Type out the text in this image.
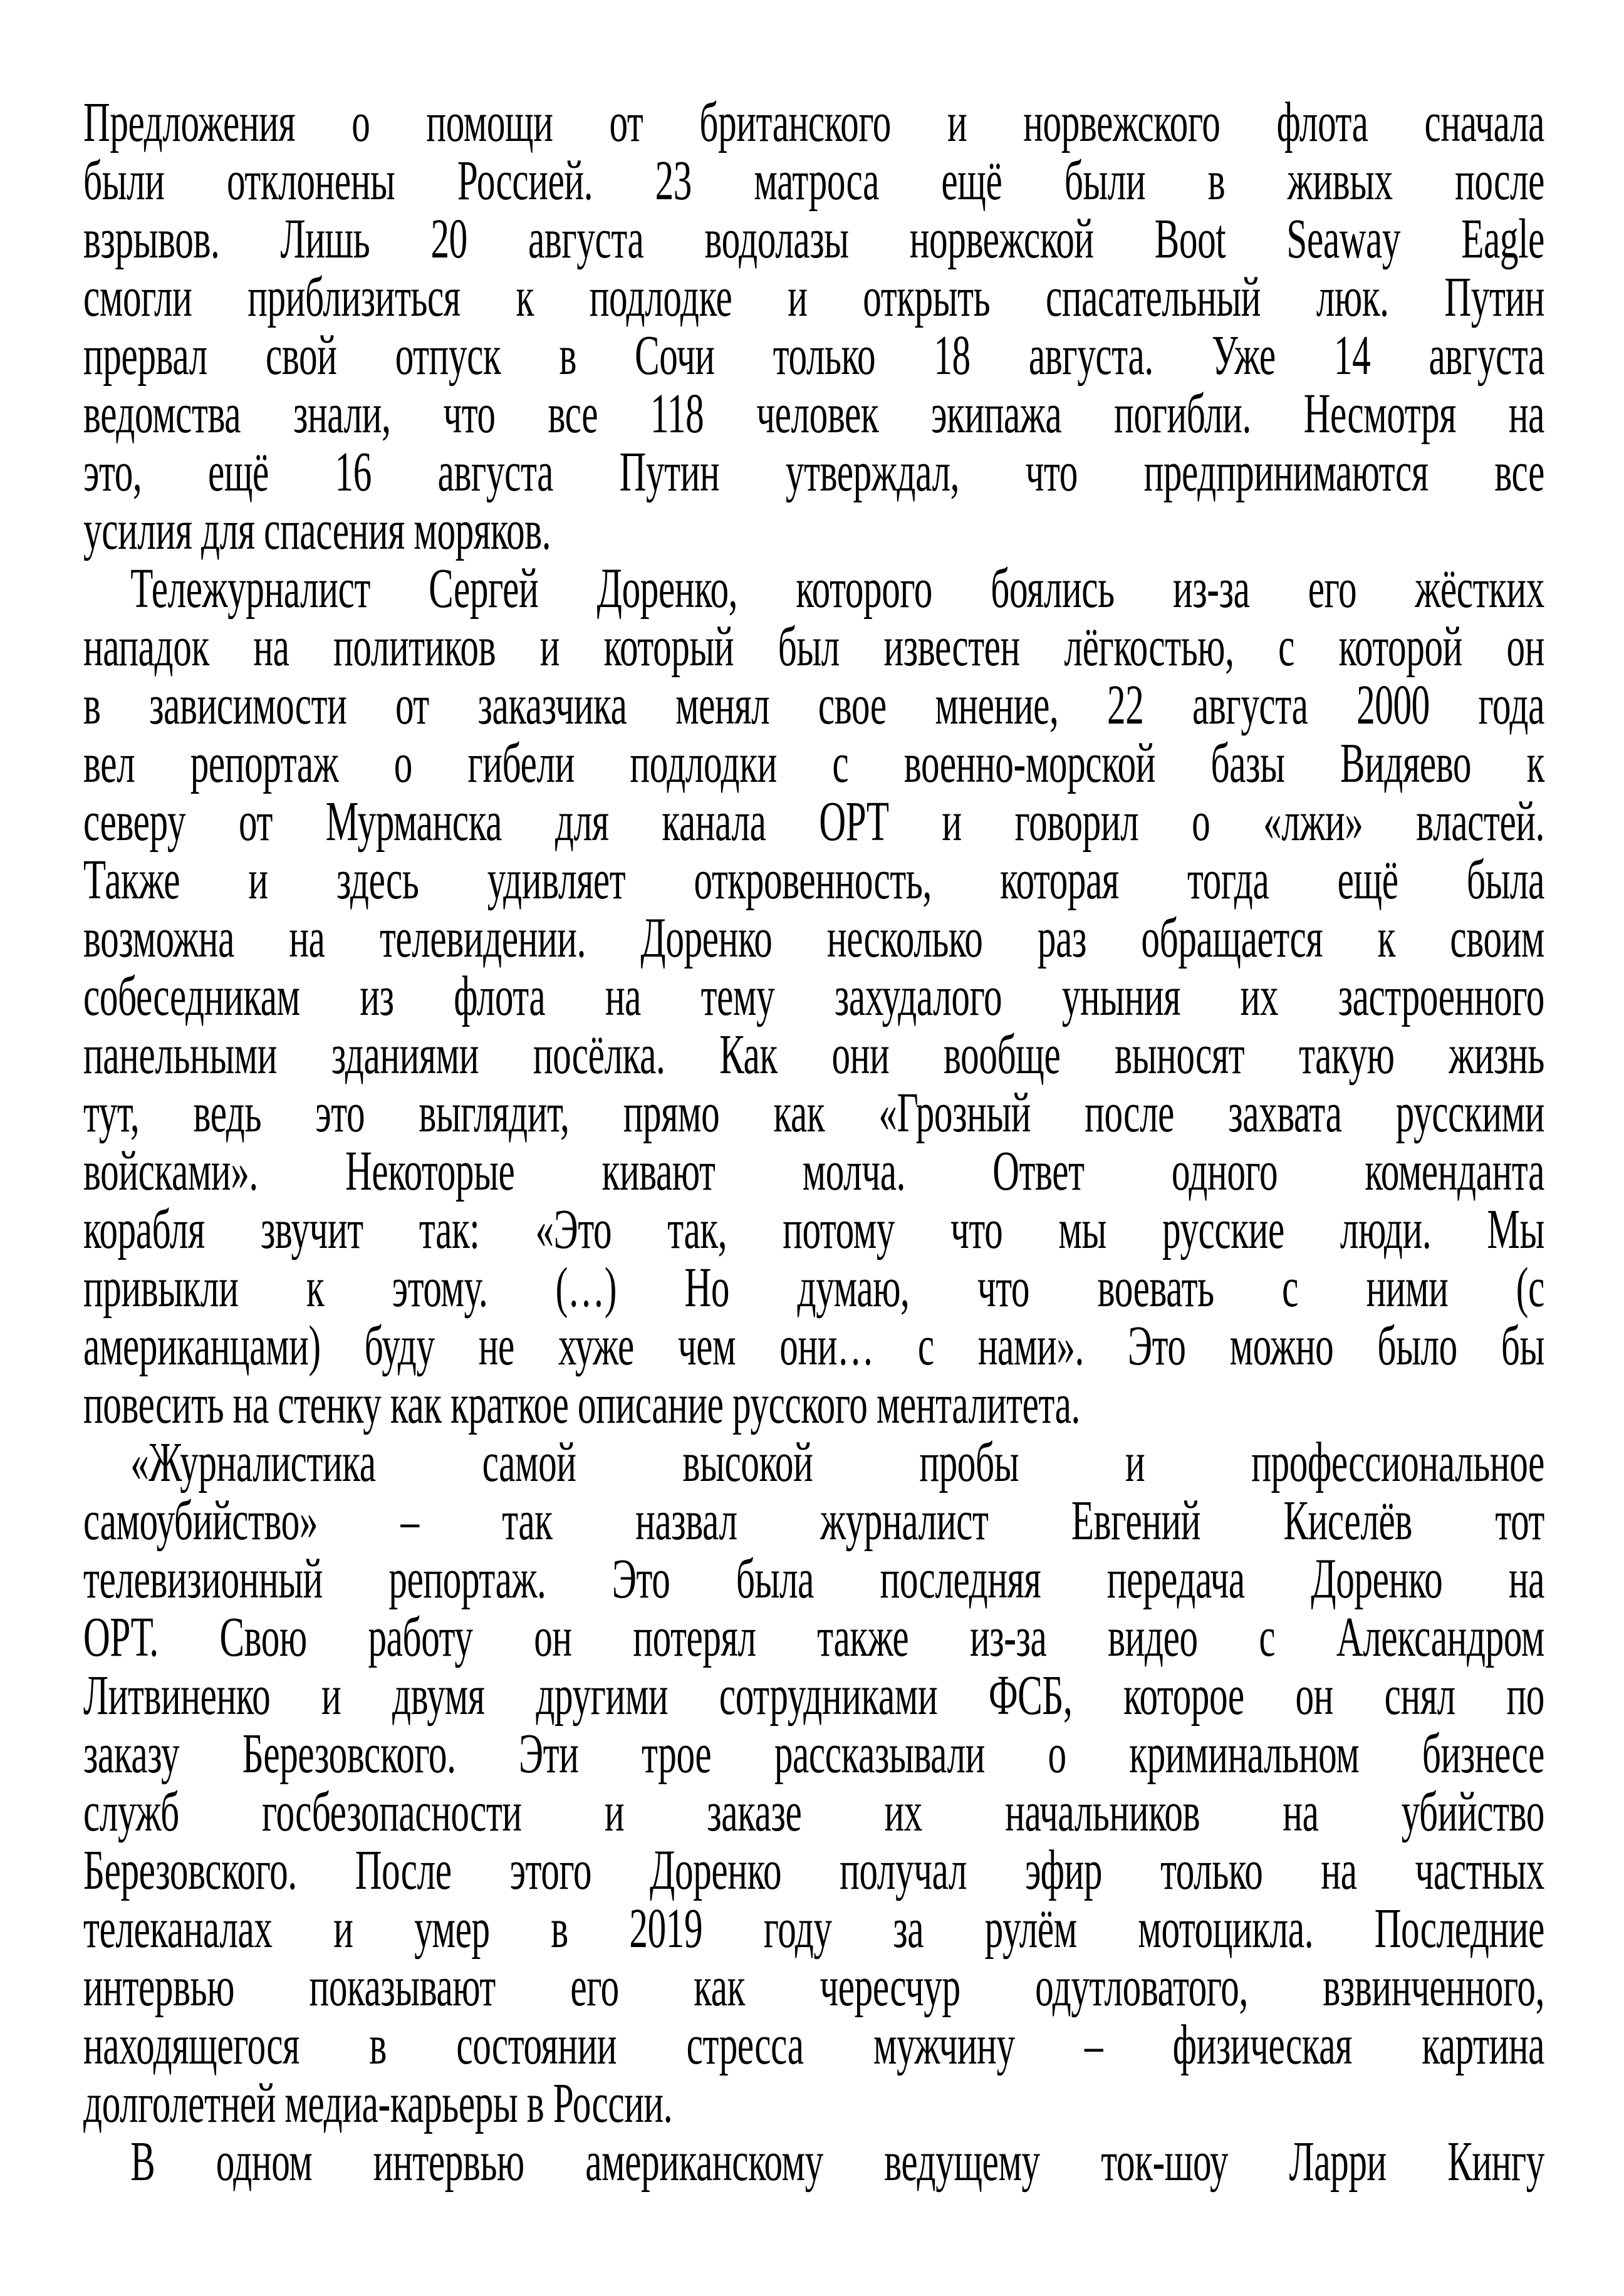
Предложения о помощи от британского и норвежского флота сначала
были отклонены Россией. 23 матроса ещё были в живых после
взрывов. Лишь 20 августа водолазы норвежской Boot Seaway Eagle
смогли приблизиться к подлодке и открыть спасательный люк. Путин
прервал свой отпуск в Сочи только 18 августа. Уже 14 августа
ведомства знали, что все 118 человек экипажа погибли. Несмотря на
это, ещё 16 августа Путин утверждал, что предпринимаются все
усилия для спасения моряков.

Тележурналист Сергей Доренко, которого боялись из-за его жёстких
нападок на политиков и который был известен лёгкостью, с которой он
в зависимости от заказчика менял свое мнение, 22 августа 2000 года
вел репортаж о гибели подлодки с военно-морской базы Видяево к
северу от Мурманска для канала ОРТ и говорил о «лжи» властей.
Также и здесь удивляет откровенность, которая тогда ещё была
возможна на телевидении. Доренко несколько раз обращается к своим
собеседникам из флота на тему захудалого уныния их застроенного
панельными зданиями посёлка. Как они вообще выносят такую жизнь
тут, ведь это выглядит, прямо как «Грозный после захвата русскими
войсками». Некоторые кивают молча. Ответ одного коменданта
корабля звучит так: «Это так, потому что мы русские люди. Мы
привыкли к этому. (…) Но думаю, что воевать с ними (с
американцами) буду не хуже чем они… с нами». Это можно было бы
повесить на стенку как краткое описание русского менталитета.

«Журналистика самой высокой пробы и профессиональное
самоубийство» – так назвал журналист Евгений Киселёв тот
телевизионный репортаж. Это была последняя передача Доренко на
ОРТ. Свою работу он потерял также из-за видео с Александром
Литвиненко и двумя другими сотрудниками ФСБ, которое он снял по
заказу Березовского. Эти трое рассказывали о криминальном бизнесе
служб госбезопасности и заказе их начальников на убийство
Березовского. После этого Доренко получал эфир только на частных
телеканалах и умер в 2019 году за рулём мотоцикла. Последние
интервью показывают его как чересчур одутловатого, взвинченного,
находящегося в состоянии стресса мужчину – физическая картина
долголетней медиа-карьеры в России.

В одном интервью американскому ведущему ток-шоу Ларри Кингу
